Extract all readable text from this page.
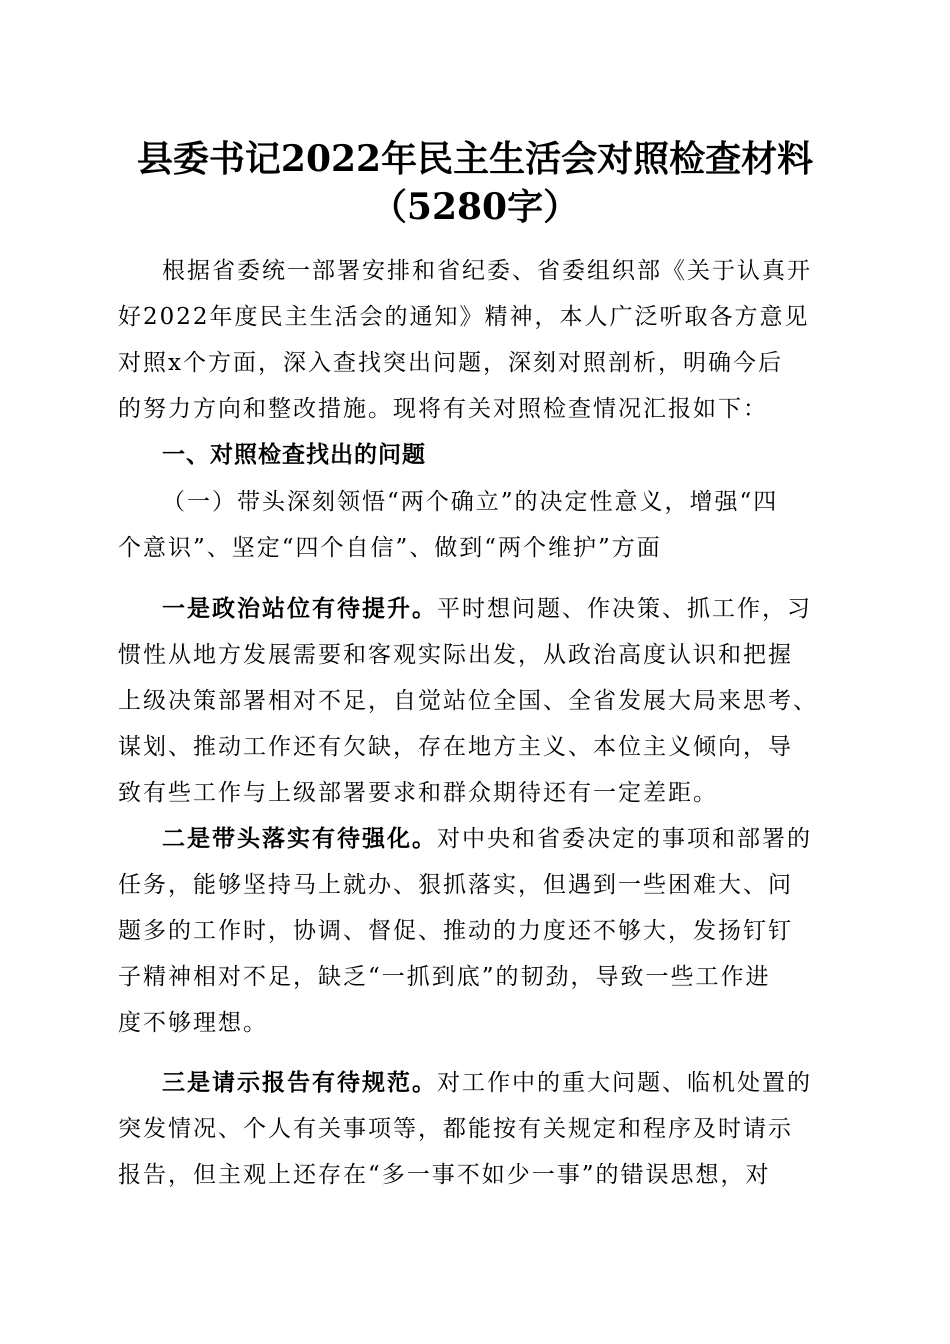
县委书记2022年民主生活会对照检查材料
（5280字）
根据省委统一部署安排和省纪委、省委组织部《关于认真开
好2022年度民主生活会的通知》精神，本人广泛听取各方意见
对照x个方面，深入查找突出问题，深刻对照剖析，明确今后
的努力方向和整改措施。现将有关对照检查情况汇报如下：
一、对照检查找出的问题
（一）带头深刻领悟“两个确立”的决定性意义，增强“四
个意识”、坚定“四个自信”、做到“两个维护”方面
一是政治站位有待提升。平时想问题、作决策、抓工作，习
惯性从地方发展需要和客观实际出发，从政治高度认识和把握
上级决策部署相对不足，自觉站位全国、全省发展大局来思考、
谋划、推动工作还有欠缺，存在地方主义、本位主义倾向，导
致有些工作与上级部署要求和群众期待还有一定差距。
二是带头落实有待强化。对中央和省委决定的事项和部署的
任务，能够坚持马上就办、狠抓落实，但遇到一些困难大、问
题多的工作时，协调、督促、推动的力度还不够大，发扬钉钉
子精神相对不足，缺乏“一抓到底”的韧劲，导致一些工作进
度不够理想。
三是请示报告有待规范。对工作中的重大问题、临机处置的
突发情况、个人有关事项等，都能按有关规定和程序及时请示
报告，但主观上还存在“多一事不如少一事”的错误思想，对
